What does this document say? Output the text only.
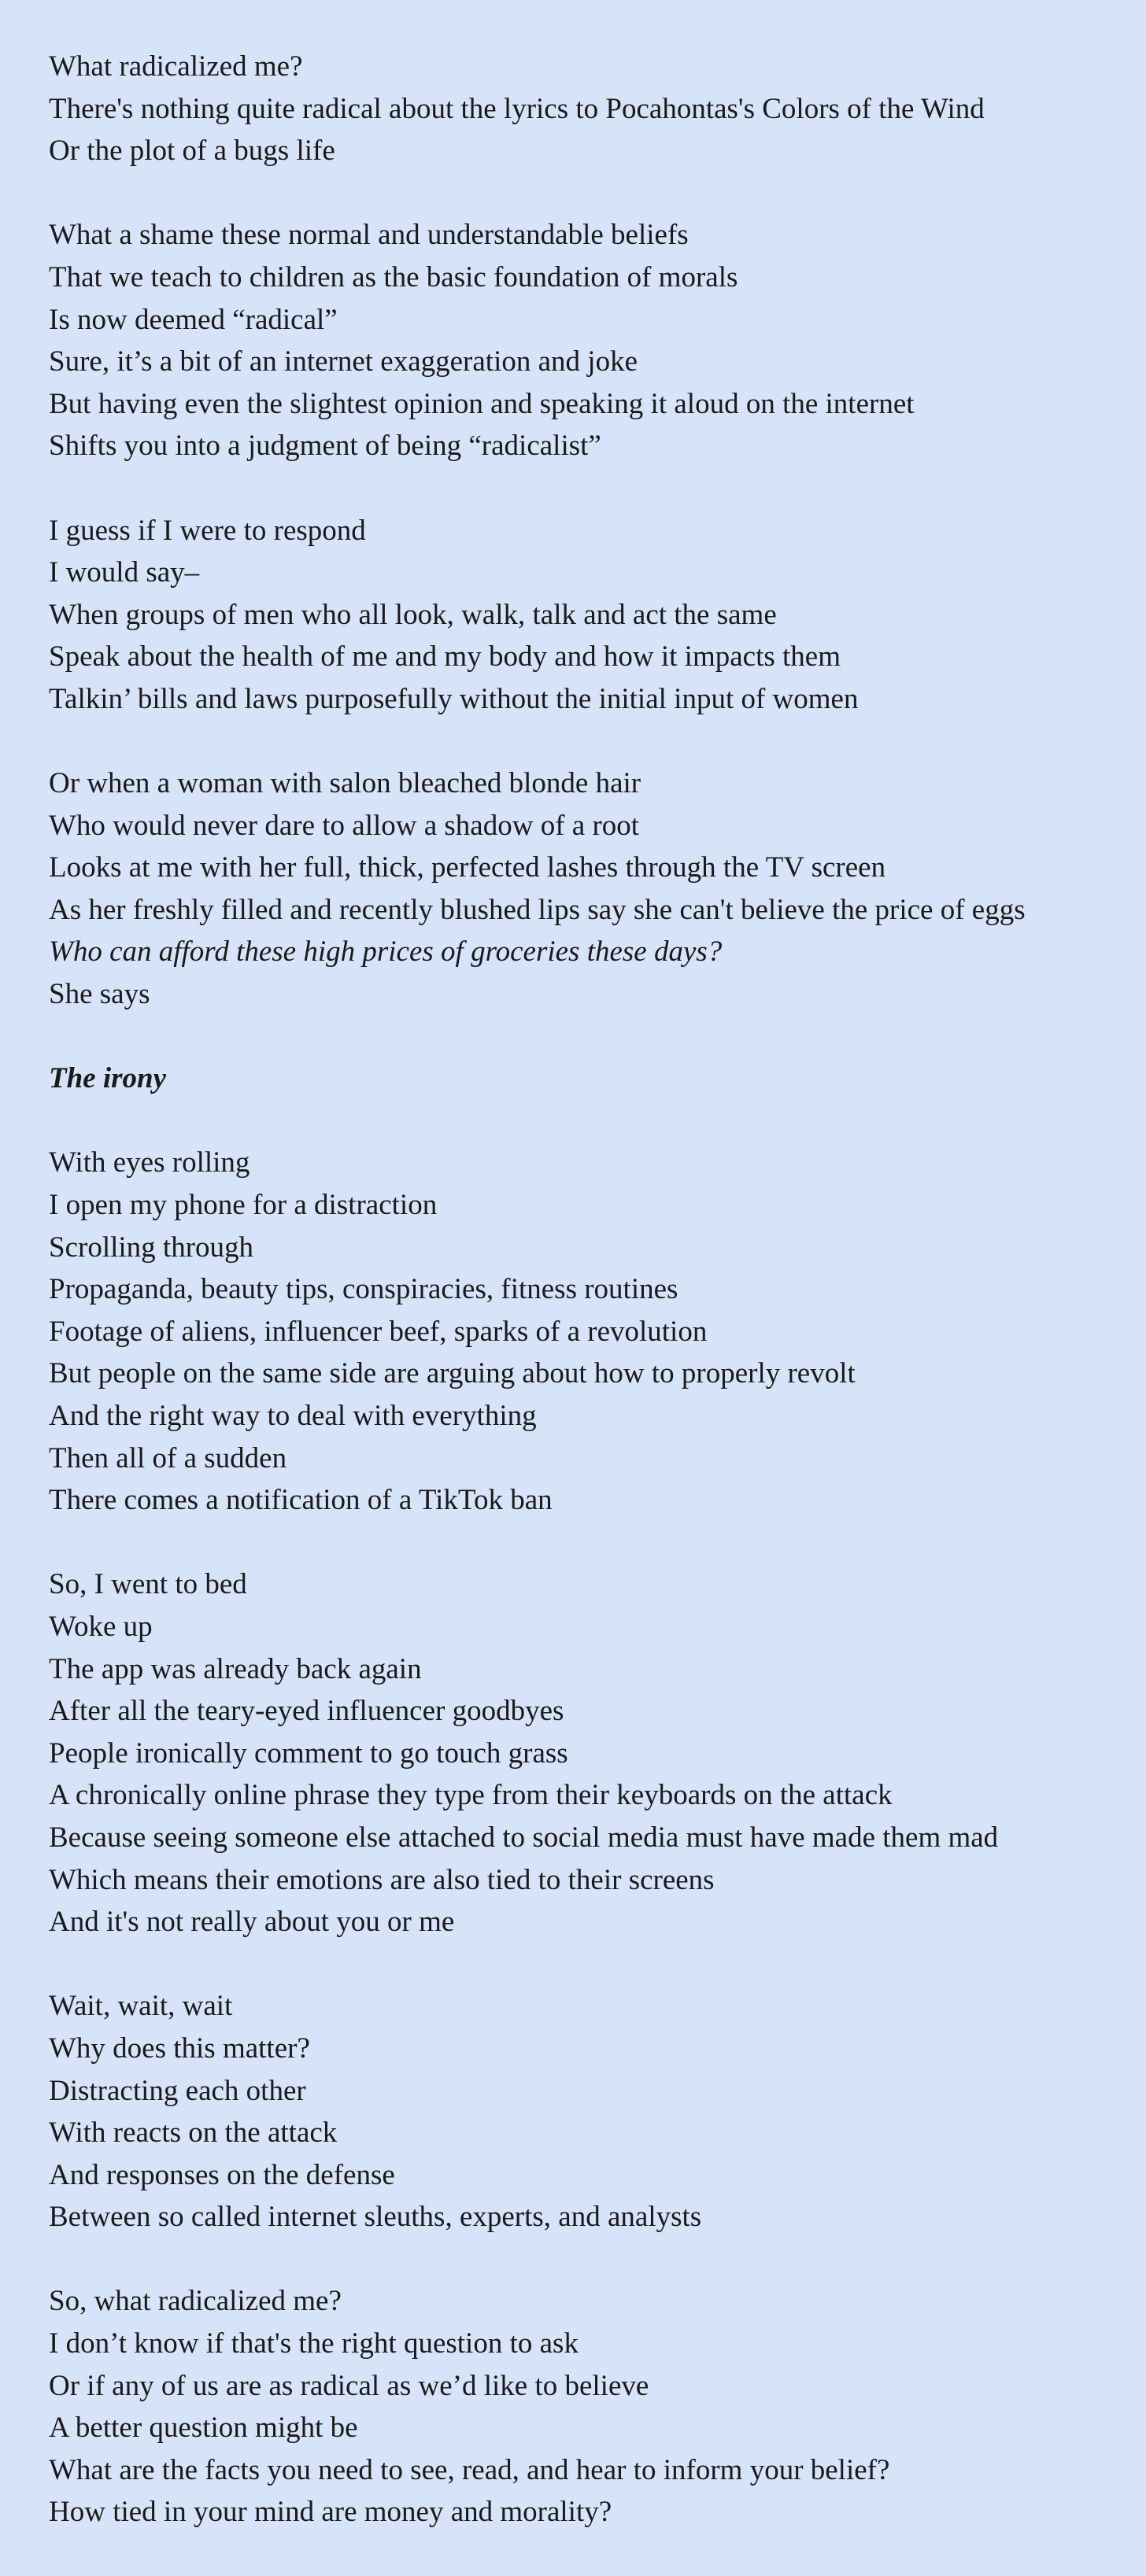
What radicalized me?
There's nothing quite radical about the lyrics to Pocahontas's Colors of the Wind
Or the plot of a bugs life
What a shame these normal and understandable beliefs
That we teach to children as the basic foundation of morals
Is now deemed “radical”
Sure, it’s a bit of an internet exaggeration and joke
But having even the slightest opinion and speaking it aloud on the internet
Shifts you into a judgment of being “radicalist”
I guess if I were to respond
I would say–
When groups of men who all look, walk, talk and act the same
Speak about the health of me and my body and how it impacts them
Talkin’ bills and laws purposefully without the initial input of women
Or when a woman with salon bleached blonde hair
Who would never dare to allow a shadow of a root
Looks at me with her full, thick, perfected lashes through the TV screen
As her freshly filled and recently blushed lips say she can't believe the price of eggs
Who can afford these high prices of groceries these days?
She says
The irony
With eyes rolling
I open my phone for a distraction
Scrolling through
Propaganda, beauty tips, conspiracies, fitness routines
Footage of aliens, influencer beef, sparks of a revolution
But people on the same side are arguing about how to properly revolt
And the right way to deal with everything
Then all of a sudden
There comes a notification of a TikTok ban
So, I went to bed
Woke up
The app was already back again
After all the teary-eyed influencer goodbyes
People ironically comment to go touch grass
A chronically online phrase they type from their keyboards on the attack
Because seeing someone else attached to social media must have made them mad
Which means their emotions are also tied to their screens
And it's not really about you or me
Wait, wait, wait
Why does this matter?
Distracting each other
With reacts on the attack
And responses on the defense
Between so called internet sleuths, experts, and analysts
So, what radicalized me?
I don’t know if that's the right question to ask
Or if any of us are as radical as we’d like to believe
A better question might be
What are the facts you need to see, read, and hear to inform your belief?
How tied in your mind are money and morality?
